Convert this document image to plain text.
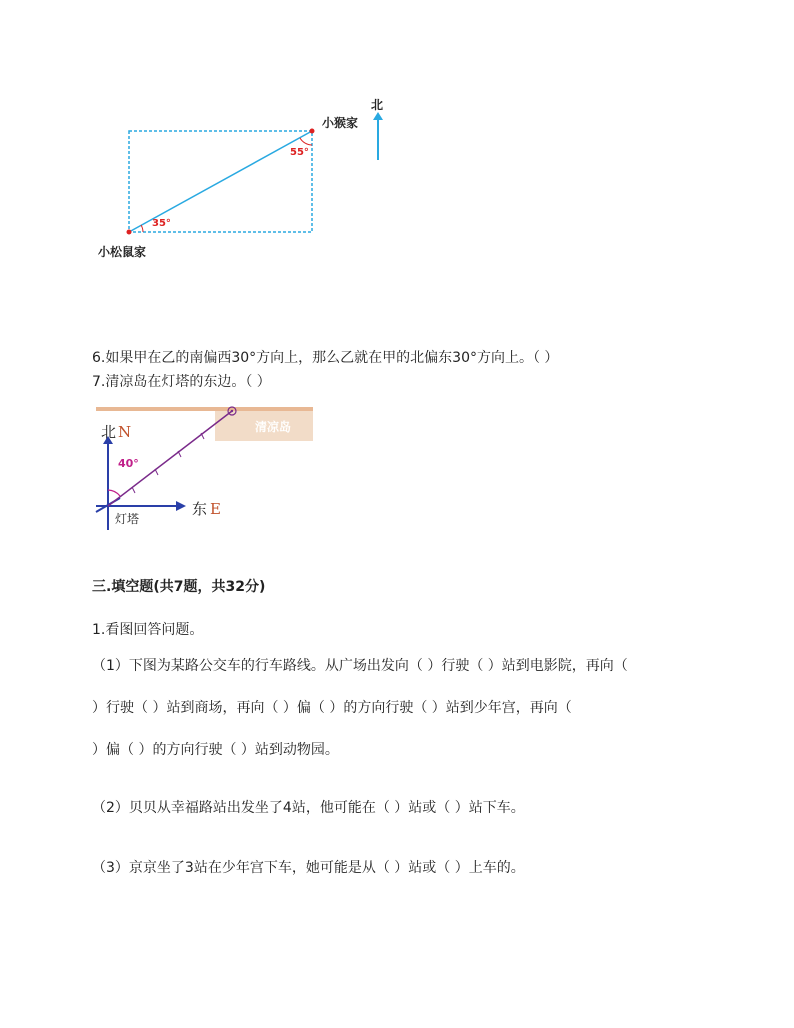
北
小猴家
55°
35°
小松鼠家
6.如果甲在乙的南偏西30°方向上，那么乙就在甲的北偏东30°方向上。（ ）
7.清凉岛在灯塔的东边。（ ）
清凉岛
北 N
40°
东 E
灯塔
三.填空题(共7题，共32分)
1.看图回答问题。
（1）下图为某路公交车的行车路线。从广场出发向（ ）行驶（ ）站到电影院，再向（
）行驶（ ）站到商场，再向（ ）偏（ ）的方向行驶（ ）站到少年宫，再向（
）偏（ ）的方向行驶（ ）站到动物园。
（2）贝贝从幸福路站出发坐了4站，他可能在（ ）站或（ ）站下车。
（3）京京坐了3站在少年宫下车，她可能是从（ ）站或（ ）上车的。
